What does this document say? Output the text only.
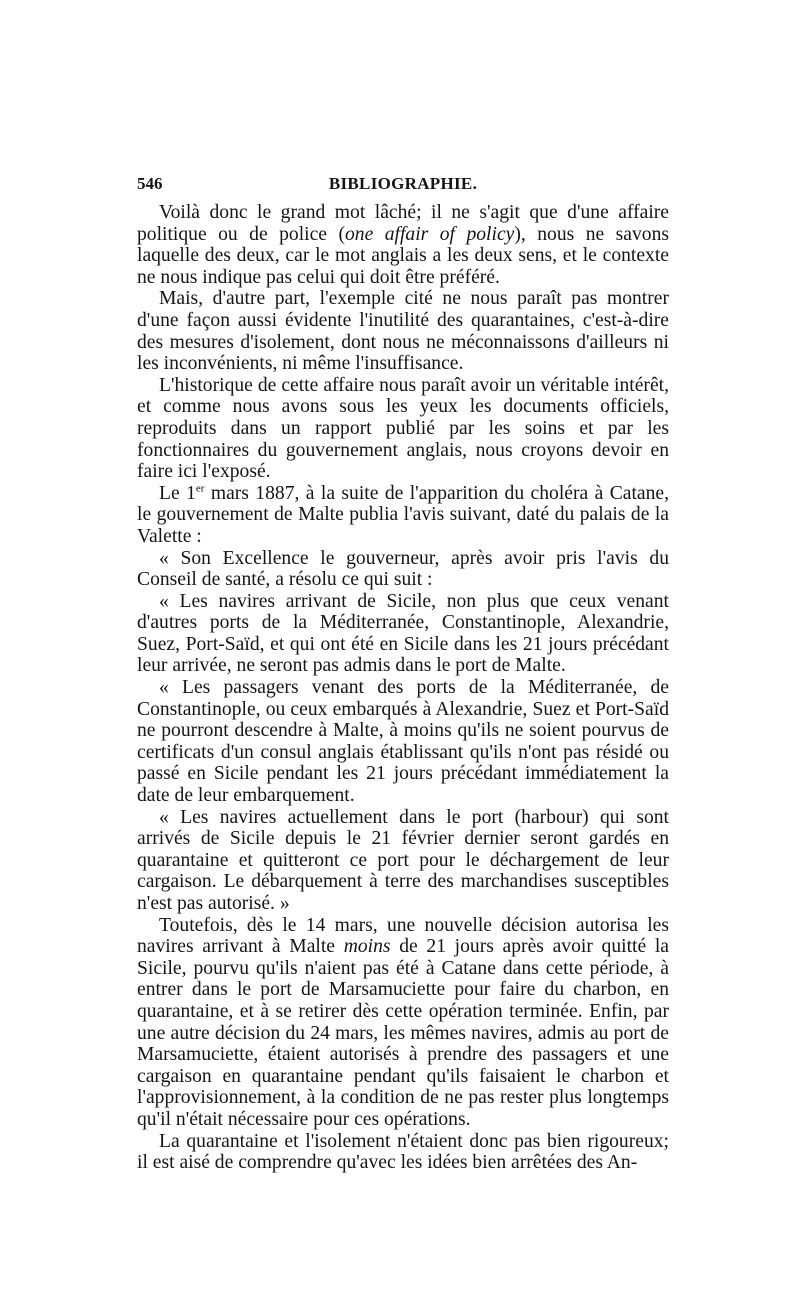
546	BIBLIOGRAPHIE.

Voilà donc le grand mot lâché; il ne s'agit que d'une affaire politique ou de police (one affair of policy), nous ne savons laquelle des deux, car le mot anglais a les deux sens, et le contexte ne nous indique pas celui qui doit être préféré.

Mais, d'autre part, l'exemple cité ne nous paraît pas montrer d'une façon aussi évidente l'inutilité des quarantaines, c'est-à-dire des mesures d'isolement, dont nous ne méconnaissons d'ailleurs ni les inconvénients, ni même l'insuffisance.

L'historique de cette affaire nous paraît avoir un véritable intérêt, et comme nous avons sous les yeux les documents officiels, reproduits dans un rapport publié par les soins et par les fonctionnaires du gouvernement anglais, nous croyons devoir en faire ici l'exposé.

Le 1er mars 1887, à la suite de l'apparition du choléra à Catane, le gouvernement de Malte publia l'avis suivant, daté du palais de la Valette :

« Son Excellence le gouverneur, après avoir pris l'avis du Conseil de santé, a résolu ce qui suit :

« Les navires arrivant de Sicile, non plus que ceux venant d'autres ports de la Méditerranée, Constantinople, Alexandrie, Suez, Port-Saïd, et qui ont été en Sicile dans les 21 jours précédant leur arrivée, ne seront pas admis dans le port de Malte.

« Les passagers venant des ports de la Méditerranée, de Constantinople, ou ceux embarqués à Alexandrie, Suez et Port-Saïd ne pourront descendre à Malte, à moins qu'ils ne soient pourvus de certificats d'un consul anglais établissant qu'ils n'ont pas résidé ou passé en Sicile pendant les 21 jours précédant immédiatement la date de leur embarquement.

« Les navires actuellement dans le port (harbour) qui sont arrivés de Sicile depuis le 21 février dernier seront gardés en quarantaine et quitteront ce port pour le déchargement de leur cargaison. Le débarquement à terre des marchandises susceptibles n'est pas autorisé. »

Toutefois, dès le 14 mars, une nouvelle décision autorisa les navires arrivant à Malte moins de 21 jours après avoir quitté la Sicile, pourvu qu'ils n'aient pas été à Catane dans cette période, à entrer dans le port de Marsamuciette pour faire du charbon, en quarantaine, et à se retirer dès cette opération terminée. Enfin, par une autre décision du 24 mars, les mêmes navires, admis au port de Marsamuciette, étaient autorisés à prendre des passagers et une cargaison en quarantaine pendant qu'ils faisaient le charbon et l'approvisionnement, à la condition de ne pas rester plus longtemps qu'il n'était nécessaire pour ces opérations.

La quarantaine et l'isolement n'étaient donc pas bien rigoureux; il est aisé de comprendre qu'avec les idées bien arrêtées des An-
